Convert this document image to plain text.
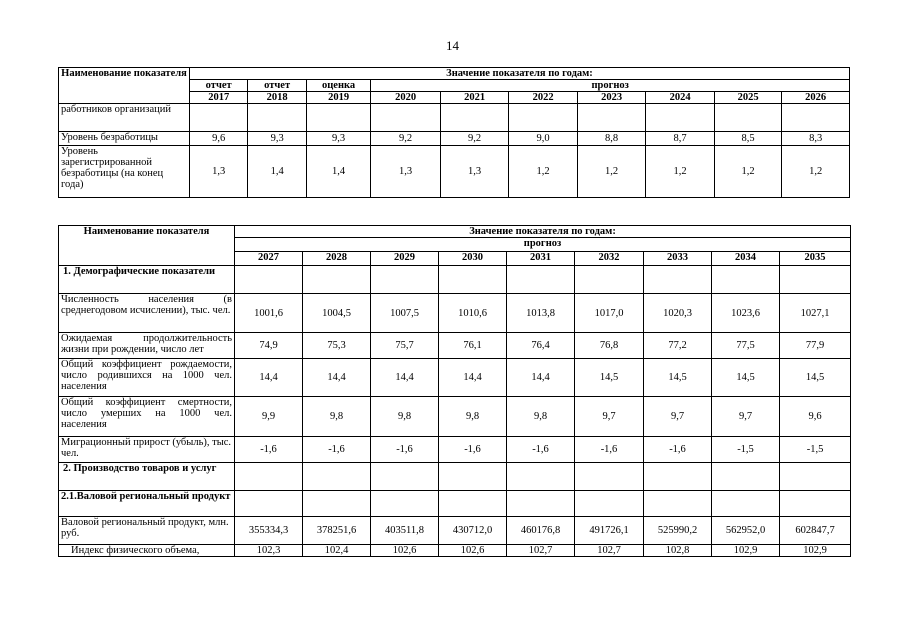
14
Наименование показателя	Значение показателя по годам:									
	отчет	отчет	оценка	прогноз						
	2017	2018	2019	2020	2021	2022	2023	2024	2025	2026
работников организаций										
Уровень безработицы	9,6	9,3	9,3	9,2	9,2	9,0	8,8	8,7	8,5	8,3
Уровень зарегистрированной безработицы (на конец года)	1,3	1,4	1,4	1,3	1,3	1,2	1,2	1,2	1,2	1,2
Наименование показателя	Значение показателя по годам:								
	прогноз								
	2027	2028	2029	2030	2031	2032	2033	2034	2035
1. Демографические показатели									
Численность населения (в среднегодовом исчислении), тыс. чел.	1001,6	1004,5	1007,5	1010,6	1013,8	1017,0	1020,3	1023,6	1027,1
Ожидаемая продолжительность жизни при рождении, число лет	74,9	75,3	75,7	76,1	76,4	76,8	77,2	77,5	77,9
Общий коэффициент рождаемости, число родившихся на 1000 чел. населения	14,4	14,4	14,4	14,4	14,4	14,5	14,5	14,5	14,5
Общий коэффициент смертности, число умерших на 1000 чел. населения	9,9	9,8	9,8	9,8	9,8	9,7	9,7	9,7	9,6
Миграционный прирост (убыль), тыс. чел.	-1,6	-1,6	-1,6	-1,6	-1,6	-1,6	-1,6	-1,5	-1,5
2. Производство товаров и услуг									
2.1.Валовой региональный продукт									
Валовой региональный продукт, млн. руб.	355334,3	378251,6	403511,8	430712,0	460176,8	491726,1	525990,2	562952,0	602847,7
Индекс физического объема,	102,3	102,4	102,6	102,6	102,7	102,7	102,8	102,9	102,9
